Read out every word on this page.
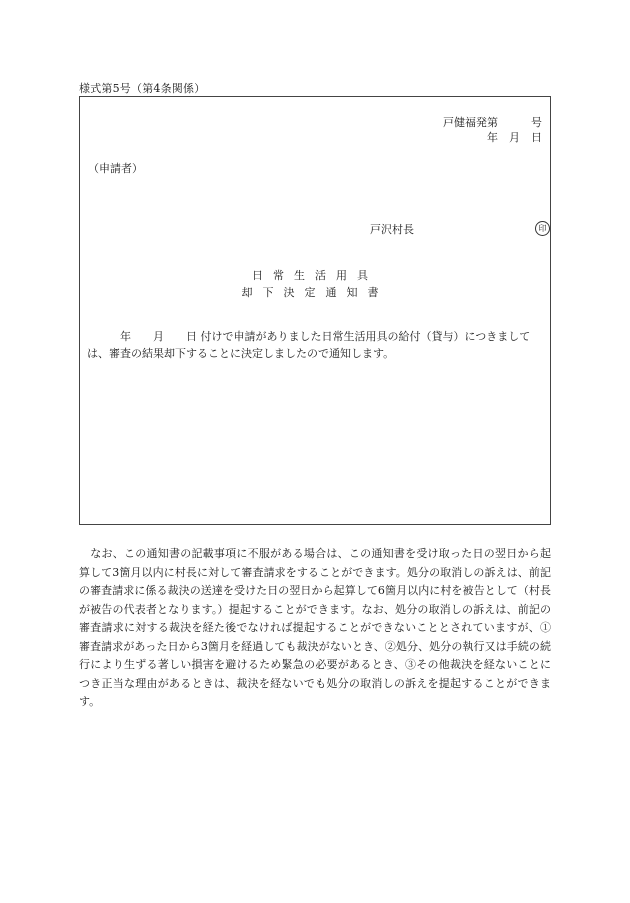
様式第5号（第4条関係）
戸健福発第　　　号
年　月　日
（申請者）
戸沢村長	印
日常生活用具
却下決定通知書
　　　年　　月　　日 付けで申請がありました日常生活用具の給付（貸与）につきましては、審査の結果却下することに決定しましたので通知します。
　なお、この通知書の記載事項に不服がある場合は、この通知書を受け取った日の翌日から起算して3箇月以内に村長に対して審査請求をすることができます。処分の取消しの訴えは、前記の審査請求に係る裁決の送達を受けた日の翌日から起算して6箇月以内に村を被告として（村長が被告の代表者となります。）提起することができます。なお、処分の取消しの訴えは、前記の審査請求に対する裁決を経た後でなければ提起することができないこととされていますが、①審査請求があった日から3箇月を経過しても裁決がないとき、②処分、処分の執行又は手続の続行により生ずる著しい損害を避けるため緊急の必要があるとき、③その他裁決を経ないことにつき正当な理由があるときは、裁決を経ないでも処分の取消しの訴えを提起することができます。
